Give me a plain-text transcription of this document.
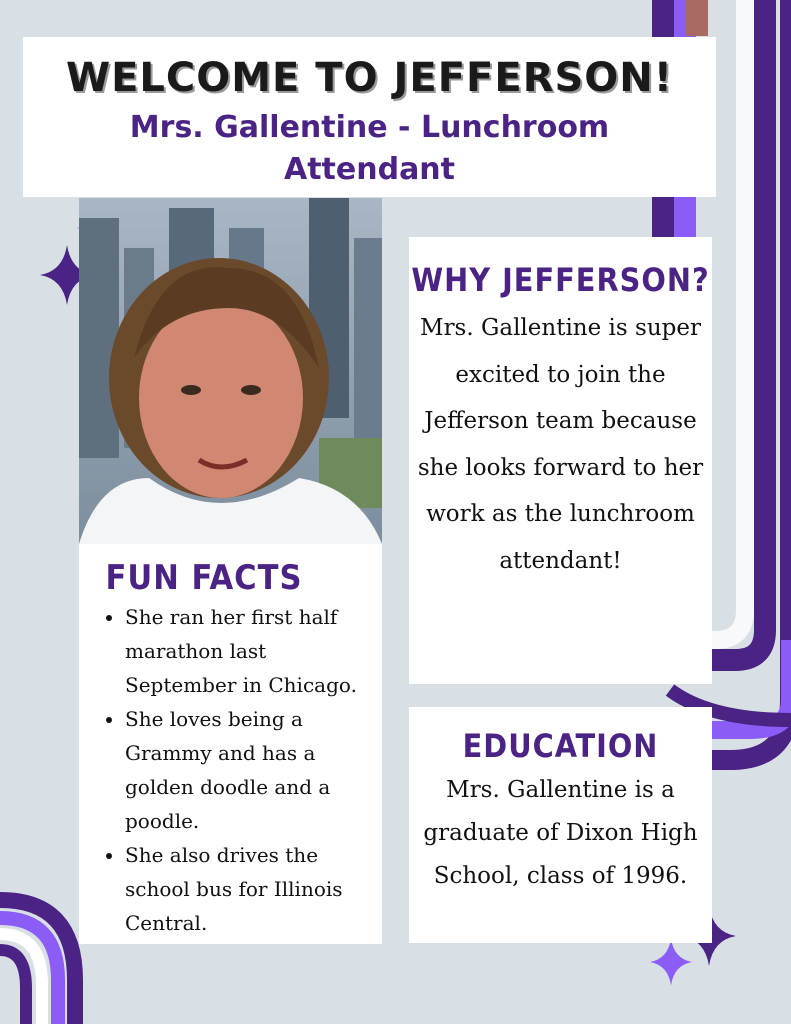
WELCOME TO JEFFERSON!
Mrs. Gallentine - Lunchroom Attendant
FUN FACTS
• She ran her first half marathon last September in Chicago.
• She loves being a Grammy and has a golden doodle and a poodle.
• She also drives the school bus for Illinois Central.
WHY JEFFERSON?
Mrs. Gallentine is super excited to join the Jefferson team because she looks forward to her work as the lunchroom attendant!
EDUCATION
Mrs. Gallentine is a graduate of Dixon High School, class of 1996.
